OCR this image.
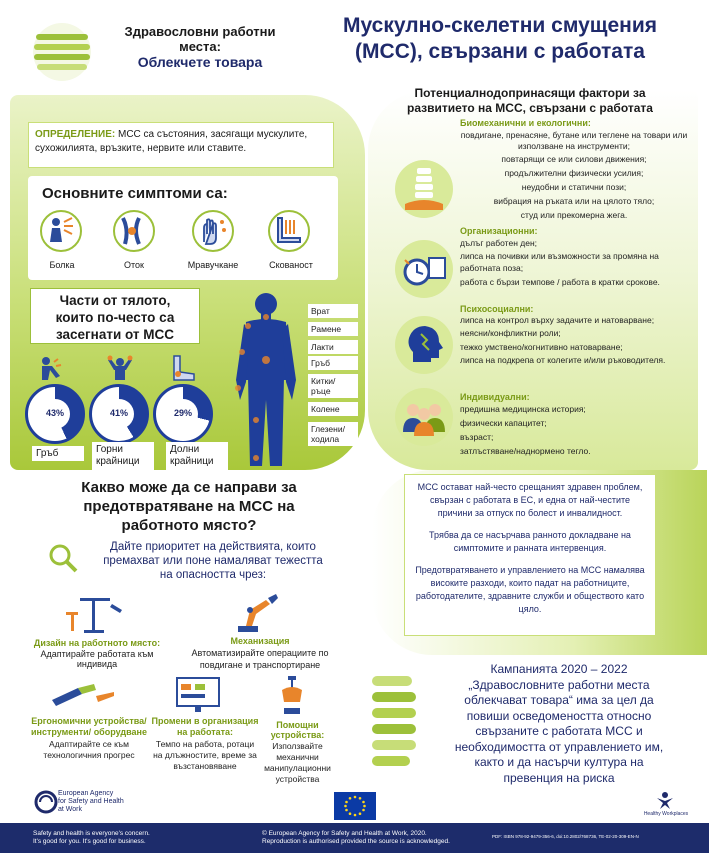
Здравословни работни
места:
Облекчете товара
Мускулно-скелетни смущения
(МСС), свързани с работата
ОПРЕДЕЛЕНИЕ: МСС са състояния, засягащи мускулите, сухожилията, връзките, нервите или ставите.
Основните симптоми са:
Болка	Оток	Мравучкане	Скованост
Части от тялото,
които по-често са
засегнати от МСС
Врат
Рамене
Лакти
Гръб
Китки/ ръце
Колене
Глезени/ ходила
43%	41%	29%
Гръб	Горни крайници
Долни крайници
Какво може да се направи за
предотвратяване на МСС на
работното място?
Дайте приоритет на действията, които
премахват или поне намаляват тежестта
на опасността чрез:
Дизайн на работното място:
Адаптирайте работата към индивида
Механизация
Автоматизирайте операциите по повдигане и транспортиране
Ергономични устройства/ инструменти/ оборудване
Адаптирайте се към технологичния прогрес
Промени в организация на работата:
Темпо на работа, ротаци на длъжностите, време за възстановяване
Помощни устройства:
Използвайте механични манипулационни устройства
Потенциалнодопринасящи фактори за
развитието на МСС, свързани с работата
Биомеханични и екологични:
повдигане, пренасяне, бутане или теглене на товари или използване на инструменти;
повтарящи се или силови движения;
продължителни физически усилия;
неудобни и статични пози;
вибрация на ръката или на цялото тяло;
студ или прекомерна жега.
Организационни:
дълъг работен ден;
липса на почивки или възможности за промяна на работната поза;
работа с бързи темпове / работа в кратки срокове.
Психосоциални:
липса на контрол върху задачите и натоварване;
неясни/конфликтни роли;
тежко умствено/когнитивно натоварване;
липса на подкрепа от колегите и/или ръководителя.
Индивидуални:
предишна медицинска история;
физически капацитет;
възраст;
затлъстяване/наднормено тегло.
МСС остават най-често срещаният здравен проблем, свързан с работата в ЕС, и една от най-честите причини за отпуск по болест и инвалидност.
Трябва да се насърчава ранното докладване на симптомите и ранната интервенция.
Предотвратяването и управлението на МСС намалява високите разходи, които падат на работниците, работодателите, здравните служби и обществото като цяло.
Кампанията 2020 – 2022
„Здравословните работни места
облекчават товара“ има за цел да
повиши осведомеността относно
свързаните с работата МСС и
необходимостта от управлението им,
както и да насърчи култура на
превенция на риска
European Agency
for Safety and Health
at Work
Healthy Workplaces
Safety and health is everyone's concern.
It's good for you. It's good for business.
© European Agency for Safety and Health at Work, 2020.
Reproduction is authorised provided the source is acknowledged.
PDF: ISBN 978-92-9479-356-6, doi:10.2802/768736, TE-02-20-309-EN-N
